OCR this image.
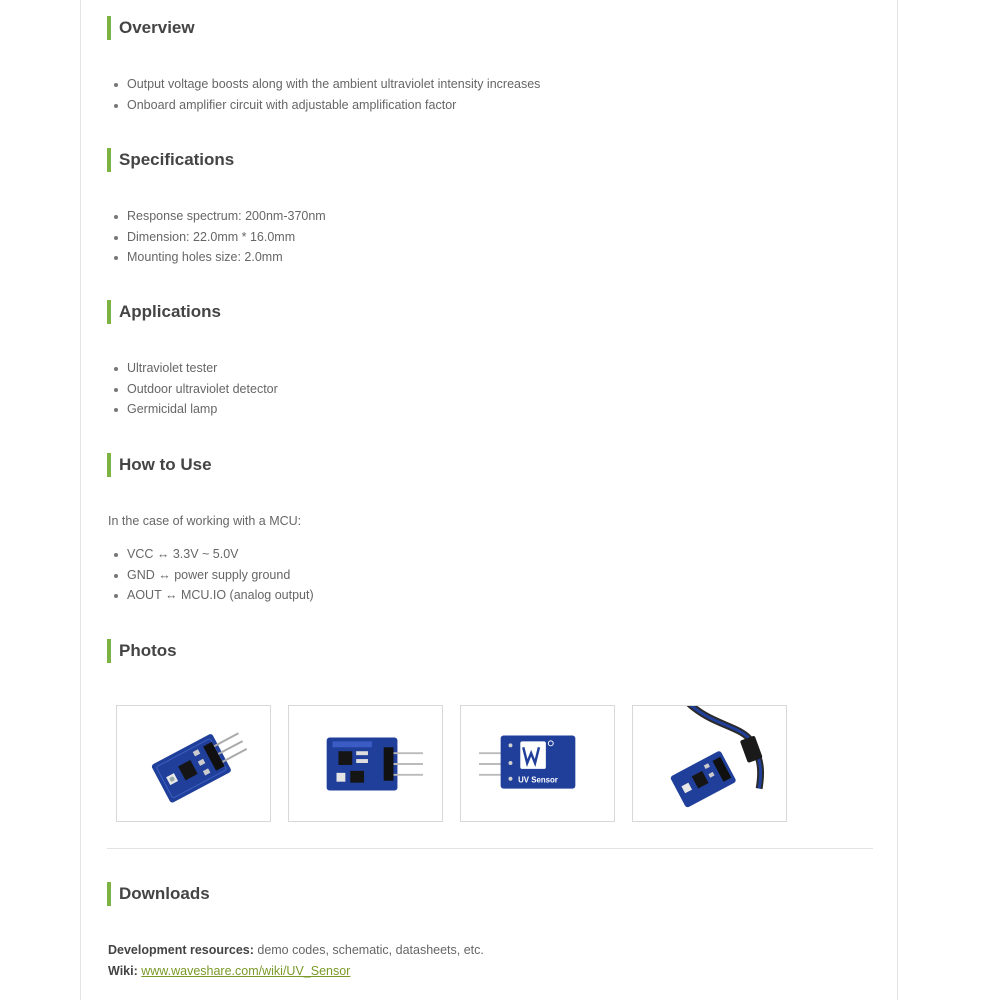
Overview
Output voltage boosts along with the ambient ultraviolet intensity increases
Onboard amplifier circuit with adjustable amplification factor
Specifications
Response spectrum: 200nm-370nm
Dimension: 22.0mm * 16.0mm
Mounting holes size: 2.0mm
Applications
Ultraviolet tester
Outdoor ultraviolet detector
Germicidal lamp
How to Use

In the case of working with a MCU:

VCC ↔ 3.3V ~ 5.0V
GND ↔ power supply ground
AOUT ↔ MCU.IO (analog output)
Photos
UV Sensor
Downloads
Development resources: demo codes, schematic, datasheets, etc.
Wiki: www.waveshare.com/wiki/UV_Sensor
